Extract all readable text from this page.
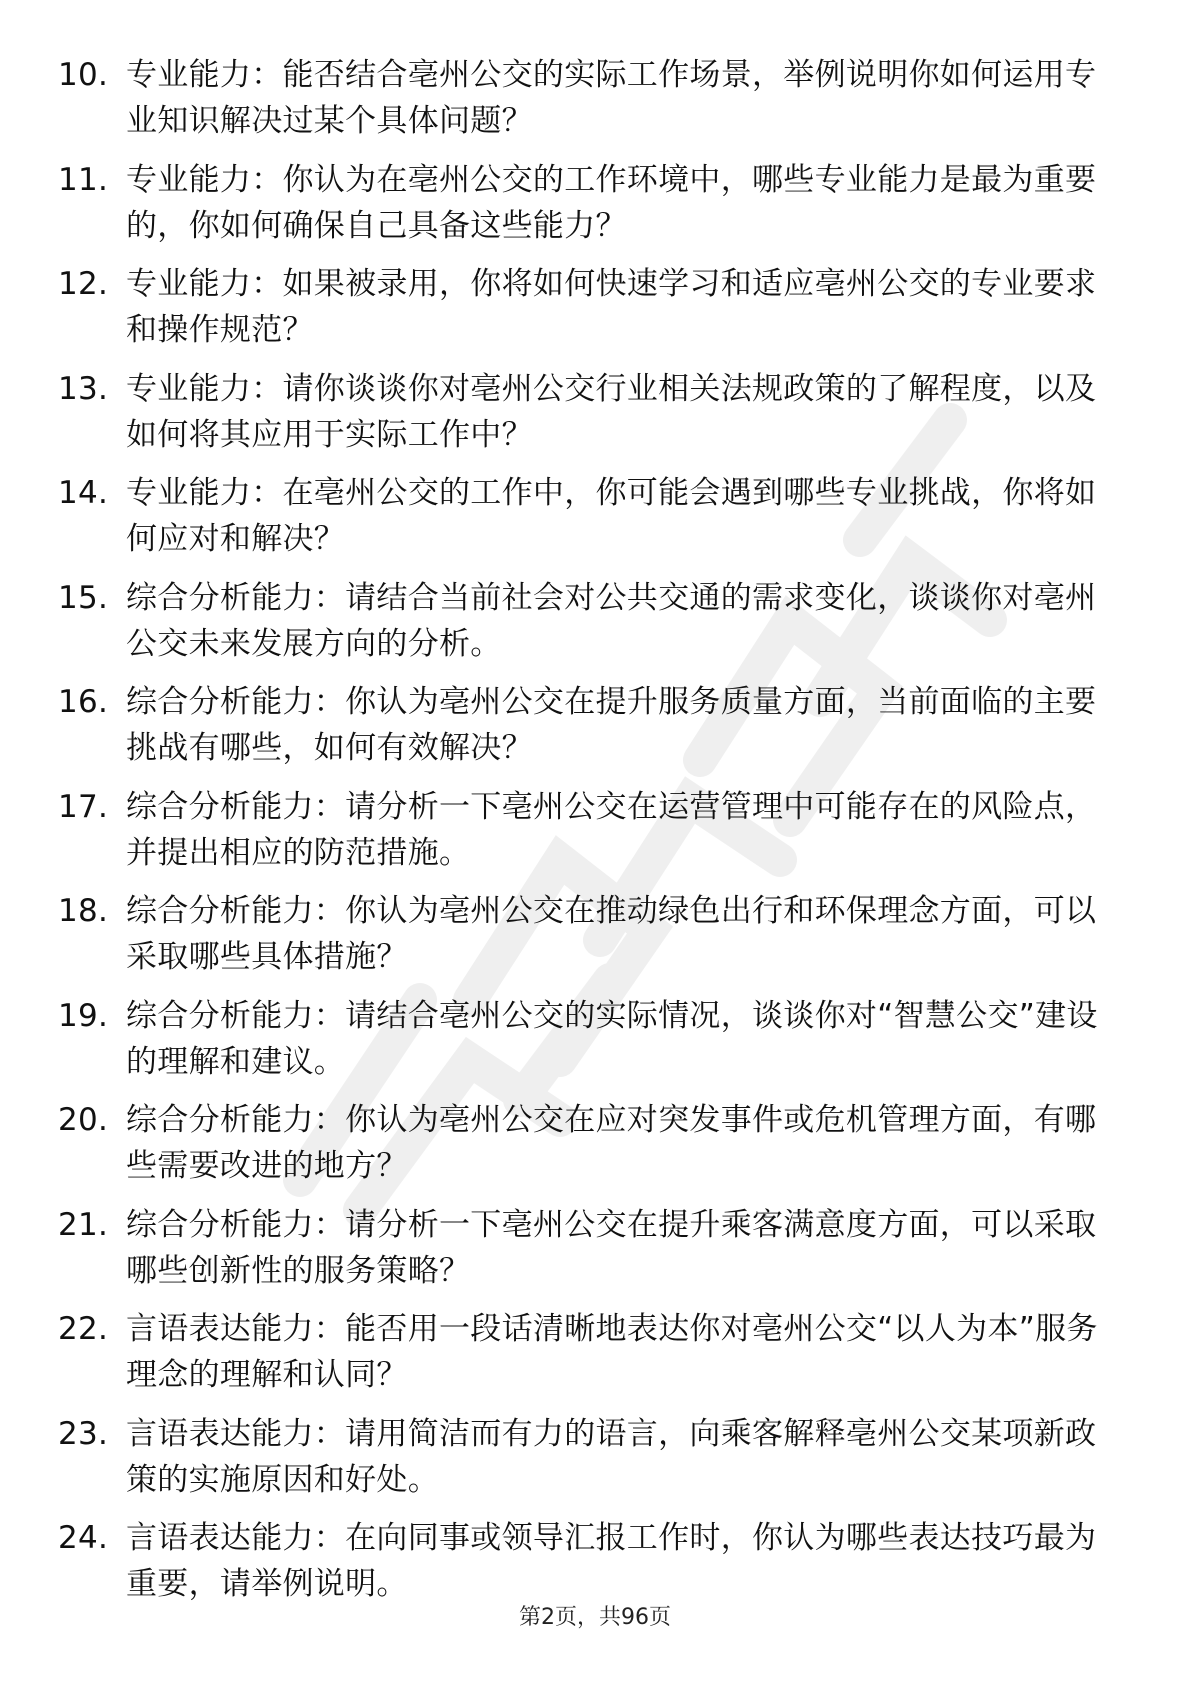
10. 专业能力：能否结合亳州公交的实际工作场景，举例说明你如何运用专业知识解决过某个具体问题？
11. 专业能力：你认为在亳州公交的工作环境中，哪些专业能力是最为重要的，你如何确保自己具备这些能力？
12. 专业能力：如果被录用，你将如何快速学习和适应亳州公交的专业要求和操作规范？
13. 专业能力：请你谈谈你对亳州公交行业相关法规政策的了解程度，以及如何将其应用于实际工作中？
14. 专业能力：在亳州公交的工作中，你可能会遇到哪些专业挑战，你将如何应对和解决？
15. 综合分析能力：请结合当前社会对公共交通的需求变化，谈谈你对亳州公交未来发展方向的分析。
16. 综合分析能力：你认为亳州公交在提升服务质量方面，当前面临的主要挑战有哪些，如何有效解决？
17. 综合分析能力：请分析一下亳州公交在运营管理中可能存在的风险点，并提出相应的防范措施。
18. 综合分析能力：你认为亳州公交在推动绿色出行和环保理念方面，可以采取哪些具体措施？
19. 综合分析能力：请结合亳州公交的实际情况，谈谈你对“智慧公交”建设的理解和建议。
20. 综合分析能力：你认为亳州公交在应对突发事件或危机管理方面，有哪些需要改进的地方？
21. 综合分析能力：请分析一下亳州公交在提升乘客满意度方面，可以采取哪些创新性的服务策略？
22. 言语表达能力：能否用一段话清晰地表达你对亳州公交“以人为本”服务理念的理解和认同？
23. 言语表达能力：请用简洁而有力的语言，向乘客解释亳州公交某项新政策的实施原因和好处。
24. 言语表达能力：在向同事或领导汇报工作时，你认为哪些表达技巧最为重要，请举例说明。
第2页，共96页
